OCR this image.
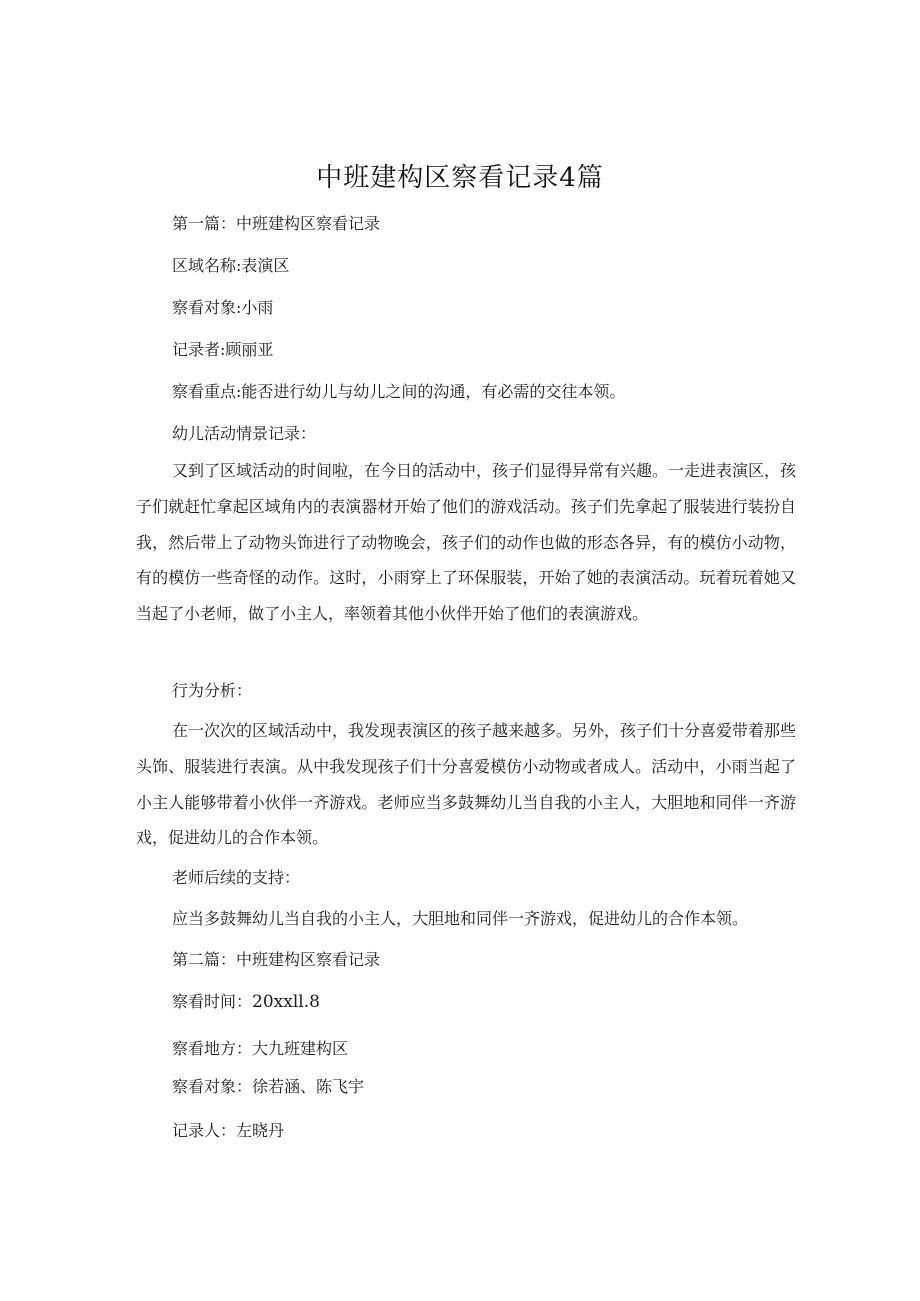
中班建构区察看记录4篇
第一篇：中班建构区察看记录
区域名称:表演区
察看对象:小雨
记录者:顾丽亚
察看重点:能否进行幼儿与幼儿之间的沟通，有必需的交往本领。
幼儿活动情景记录：
又到了区域活动的时间啦，在今日的活动中，孩子们显得异常有兴趣。一走进表演区，孩子们就赶忙拿起区域角内的表演器材开始了他们的游戏活动。孩子们先拿起了服装进行装扮自我，然后带上了动物头饰进行了动物晚会，孩子们的动作也做的形态各异，有的模仿小动物，有的模仿一些奇怪的动作。这时，小雨穿上了环保服装，开始了她的表演活动。玩着玩着她又当起了小老师，做了小主人，率领着其他小伙伴开始了他们的表演游戏。
行为分析：
在一次次的区域活动中，我发现表演区的孩子越来越多。另外，孩子们十分喜爱带着那些头饰、服装进行表演。从中我发现孩子们十分喜爱模仿小动物或者成人。活动中，小雨当起了小主人能够带着小伙伴一齐游戏。老师应当多鼓舞幼儿当自我的小主人，大胆地和同伴一齐游戏，促进幼儿的合作本领。
老师后续的支持：
应当多鼓舞幼儿当自我的小主人，大胆地和同伴一齐游戏，促进幼儿的合作本领。
第二篇：中班建构区察看记录
察看时间：20xxll.8
察看地方：大九班建构区
察看对象：徐若涵、陈飞宇
记录人：左晓丹
